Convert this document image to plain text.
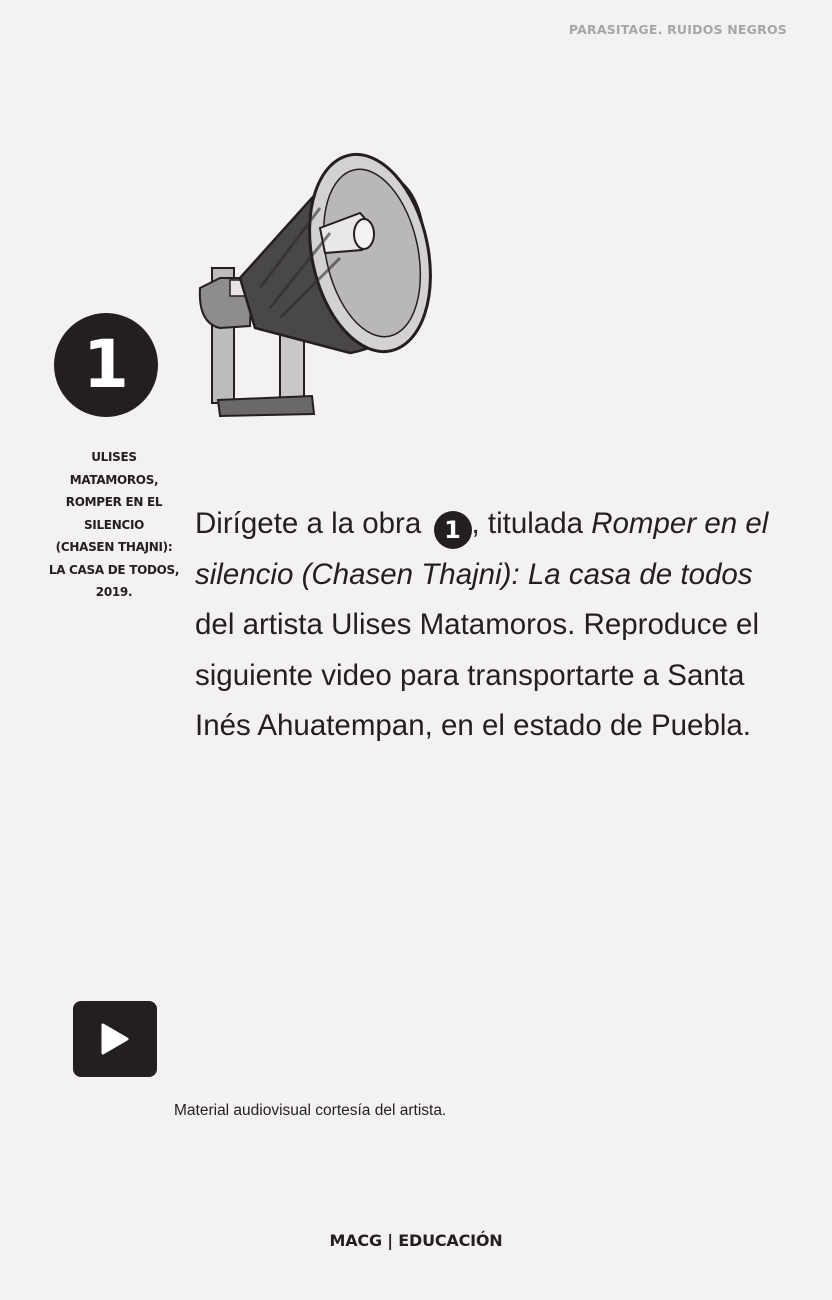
PARASITAGE. RUIDOS NEGROS
1
ULISES
MATAMOROS,
ROMPER EN EL
SILENCIO
(CHASEN THAJNI):
LA CASA DE TODOS,
2019.
Dirígete a la obra 1 , titulada Romper en el silencio (Chasen Thajni): La casa de todos del artista Ulises Matamoros. Reproduce el siguiente video para transportarte a Santa Inés Ahuatempan, en el estado de Puebla.
Material audiovisual cortesía del artista.
MACG | EDUCACIÓN
